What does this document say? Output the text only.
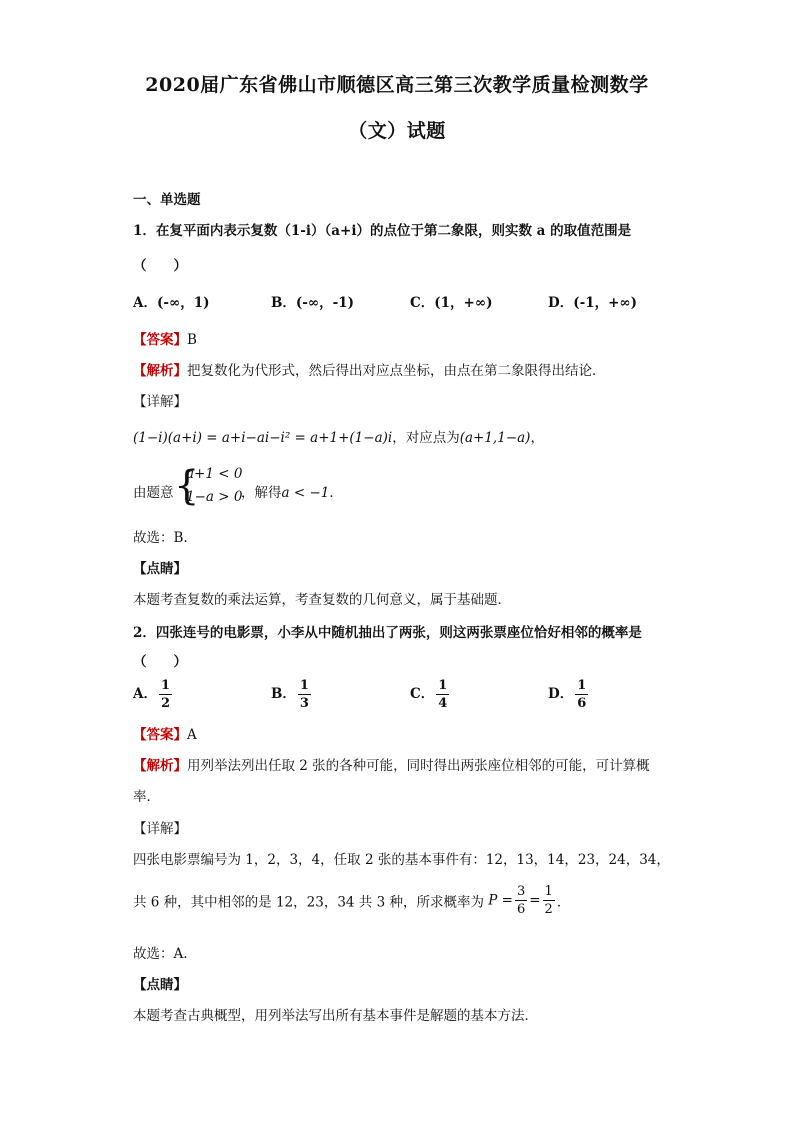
2020届广东省佛山市顺德区高三第三次教学质量检测数学
（文）试题
一、单选题
1．在复平面内表示复数（1-i）（a+i）的点位于第二象限，则实数 a 的取值范围是
（　　）
A．(-∞，1)	B．(-∞，-1)	C．(1，+∞)	D．(-1，+∞)
【答案】B
【解析】把复数化为代形式，然后得出对应点坐标，由点在第二象限得出结论．
【详解】
(1−i)(a+i) = a+i−ai−i² = a+1+(1−a)i，对应点为(a+1,1−a)，
由题意 {
a+1 < 0
1−a > 0
，解得a < −1．
故选：B.
【点睛】
本题考查复数的乘法运算，考查复数的几何意义，属于基础题．
2．四张连号的电影票，小李从中随机抽出了两张，则这两张票座位恰好相邻的概率是
（　　）
A． $\frac{1}{2}$	B． $\frac{1}{3}$	C． $\frac{1}{4}$	D． $\frac{1}{6}$
【答案】A
【解析】用列举法列出任取 2 张的各种可能，同时得出两张座位相邻的可能，可计算概
率．
【详解】
四张电影票编号为 1，2，3，4，任取 2 张的基本事件有：12，13，14，23，24，34，
共 6 种，其中相邻的是 12，23，34 共 3 种，所求概率为 $P = \frac{3}{6} = \frac{1}{2}$ ．
故选：A.
【点睛】
本题考查古典概型，用列举法写出所有基本事件是解题的基本方法．
